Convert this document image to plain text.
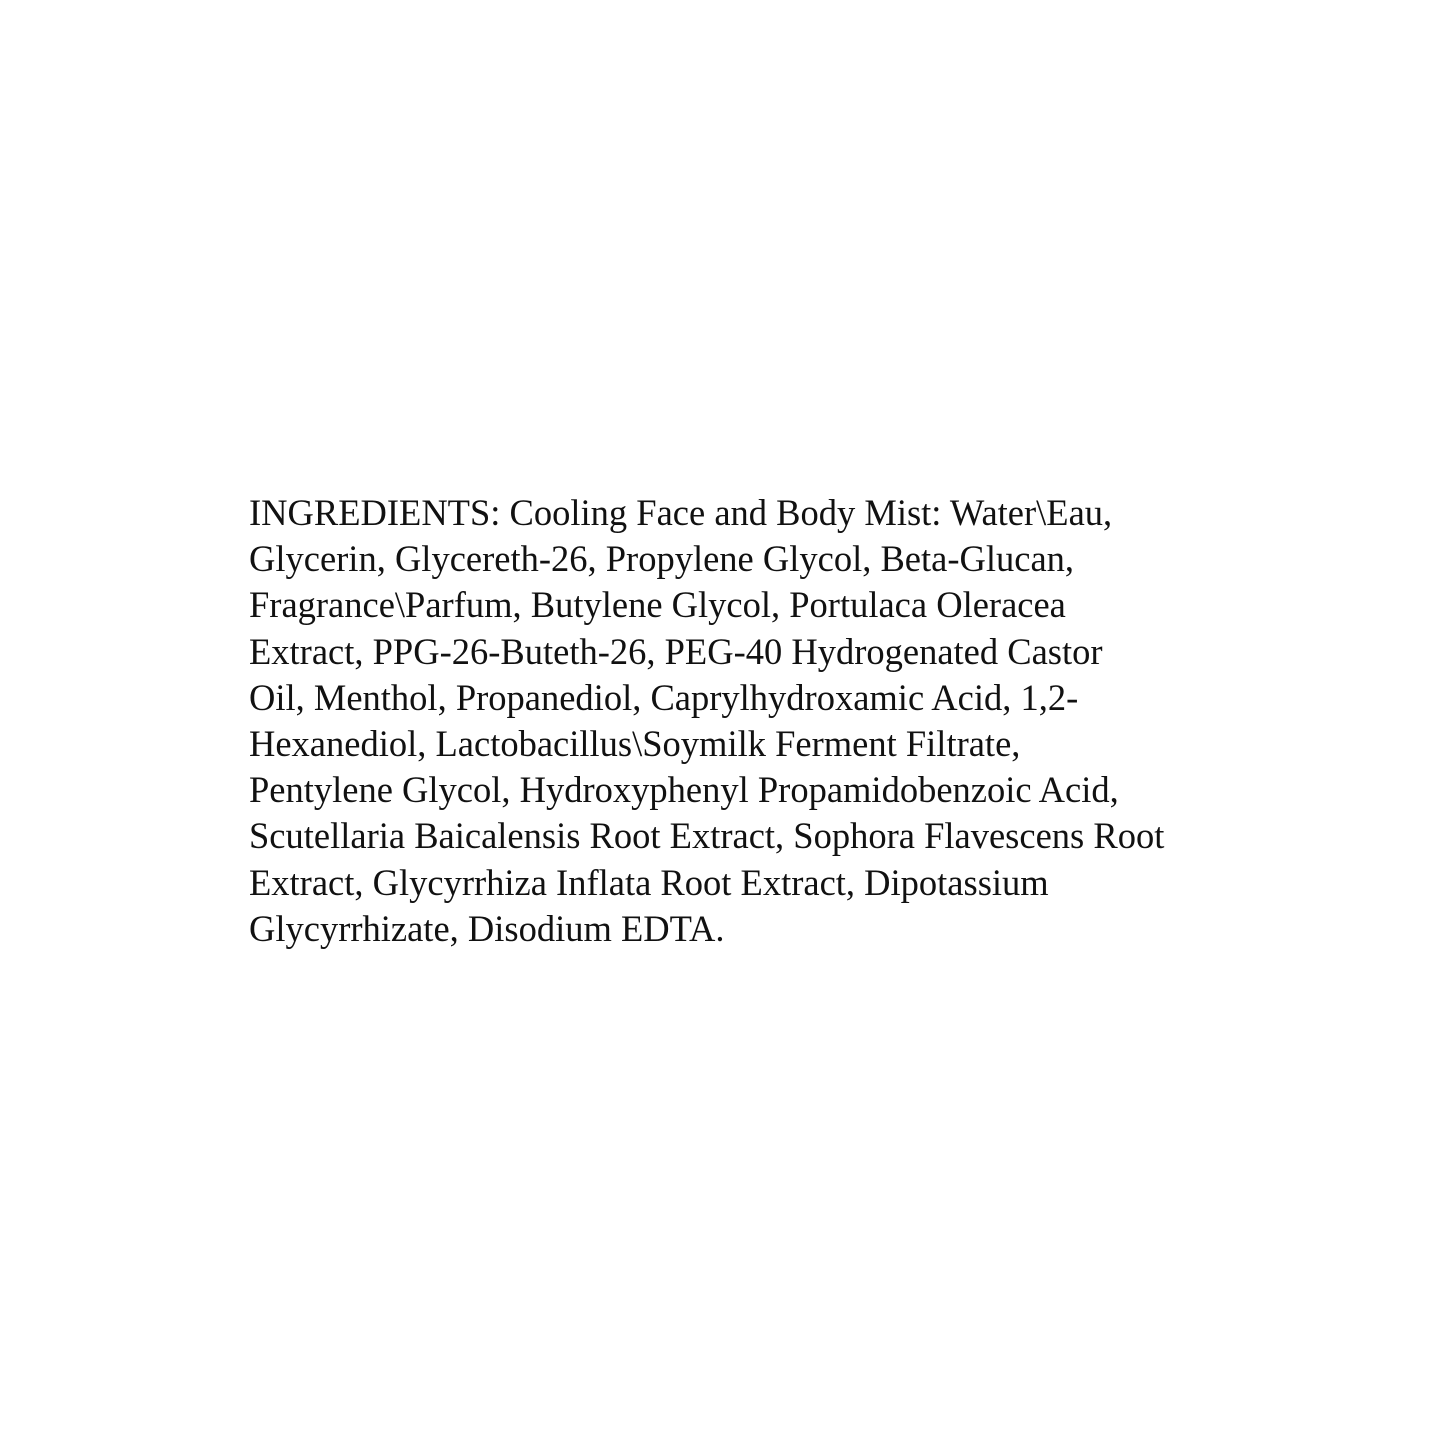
INGREDIENTS: Cooling Face and Body Mist: Water\Eau,
Glycerin, Glycereth-26, Propylene Glycol, Beta-Glucan,
Fragrance\Parfum, Butylene Glycol, Portulaca Oleracea
Extract, PPG-26-Buteth-26, PEG-40 Hydrogenated Castor
Oil, Menthol, Propanediol, Caprylhydroxamic Acid, 1,2-
Hexanediol, Lactobacillus\Soymilk Ferment Filtrate,
Pentylene Glycol, Hydroxyphenyl Propamidobenzoic Acid,
Scutellaria Baicalensis Root Extract, Sophora Flavescens Root
Extract, Glycyrrhiza Inflata Root Extract, Dipotassium
Glycyrrhizate, Disodium EDTA.
